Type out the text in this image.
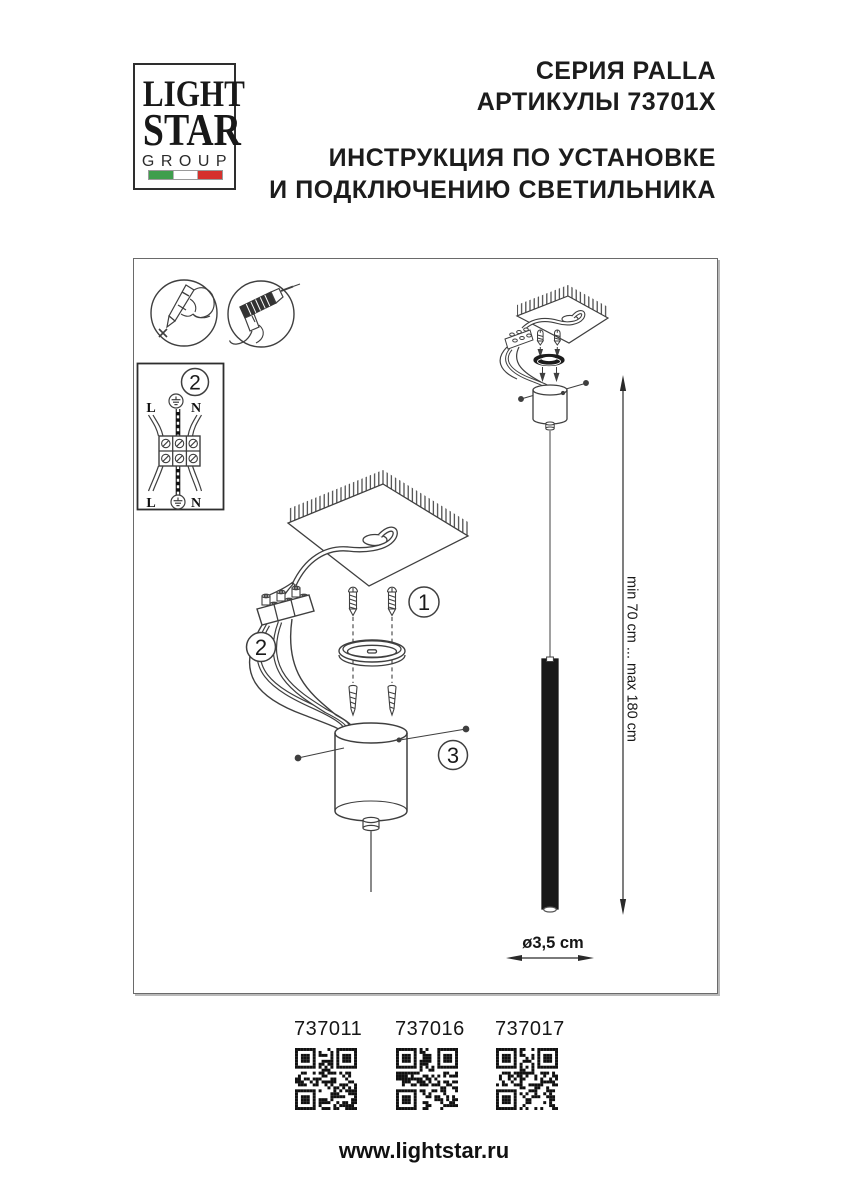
LIGHT
STAR
GROUP
СЕРИЯ PALLA
АРТИКУЛЫ 73701X
ИНСТРУКЦИЯ ПО УСТАНОВКЕ
И ПОДКЛЮЧЕНИЮ СВЕТИЛЬНИКА
2
L	N
L	N
2
1
3
min 70 cm ... max 180 cm
ø3,5 cm
737011 737016 737017
www.lightstar.ru
